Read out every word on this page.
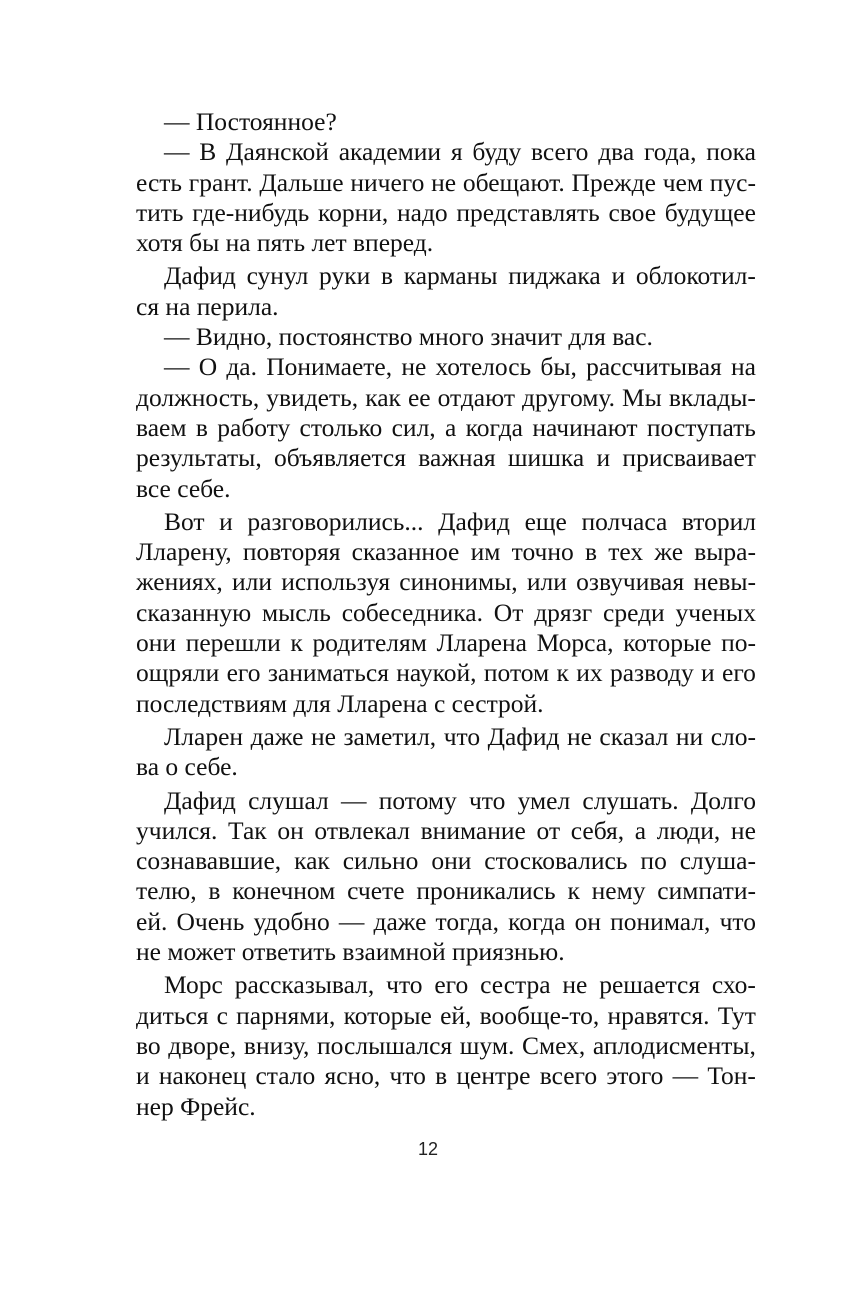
— Постоянное?
— В Даянской академии я буду всего два года, пока
есть грант. Дальше ничего не обещают. Прежде чем пус-
тить где-нибудь корни, надо представлять свое будущее
хотя бы на пять лет вперед.
Дафид сунул руки в карманы пиджака и облокотил-
ся на перила.
— Видно, постоянство много значит для вас.
— О да. Понимаете, не хотелось бы, рассчитывая на
должность, увидеть, как ее отдают другому. Мы вклады-
ваем в работу столько сил, а когда начинают поступать
результаты, объявляется важная шишка и присваивает
все себе.
Вот и разговорились... Дафид еще полчаса вторил
Лларену, повторяя сказанное им точно в тех же выра-
жениях, или используя синонимы, или озвучивая невы-
сказанную мысль собеседника. От дрязг среди ученых
они перешли к родителям Лларена Морса, которые по-
ощряли его заниматься наукой, потом к их разводу и его
последствиям для Лларена с сестрой.
Лларен даже не заметил, что Дафид не сказал ни сло-
ва о себе.
Дафид слушал — потому что умел слушать. Долго
учился. Так он отвлекал внимание от себя, а люди, не
сознававшие, как сильно они стосковались по слуша-
телю, в конечном счете проникались к нему симпати-
ей. Очень удобно — даже тогда, когда он понимал, что
не может ответить взаимной приязнью.
Морс рассказывал, что его сестра не решается схо-
диться с парнями, которые ей, вообще-то, нравятся. Тут
во дворе, внизу, послышался шум. Смех, аплодисменты,
и наконец стало ясно, что в центре всего этого — Тон-
нер Фрейс.
12
